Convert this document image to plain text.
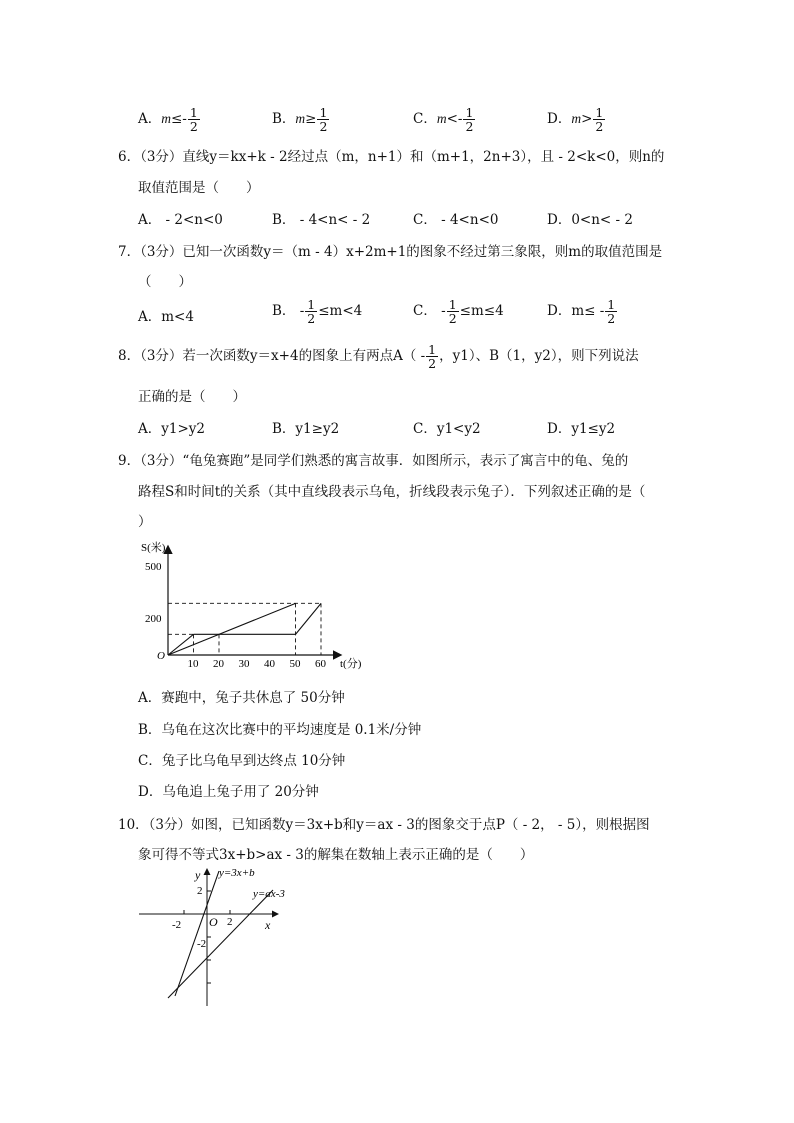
A．$m\le- \frac{1}{2}$	B．$m\ge \frac{1}{2}$	C．$m<- \frac{1}{2}$	D．$m> \frac{1}{2}$
6．（3分）直线y＝kx+k - 2经过点（m，n+1）和（m+1，2n+3），且 - 2<k<0，则n的
取值范围是（　　）
A． - 2<n<0	B． - 4<n< - 2	C． - 4<n<0	D．0<n< - 2
7．（3分）已知一次函数y＝（m - 4）x+2m+1的图象不经过第三象限，则m的取值范围是
（　　）
A．m<4	B． - $\frac{1}{2} \le m<4$	C． - $\frac{1}{2} \le m\le 4$	D．$m\le - \frac{1}{2}$
8．（3分）若一次函数y＝x+4的图象上有两点$A( - \frac{1}{2}$ ，y1）、B（1，y2），则下列说法
正确的是（　　）
A．y1>y2	B．y1≥y2	C．y1<y2	D．y1≤y2
9．（3分）“龟兔赛跑”是同学们熟悉的寓言故事．如图所示，表示了寓言中的龟、兔的
路程S和时间t的关系（其中直线段表示乌龟，折线段表示兔子）．下列叙述正确的是（
）
S(米)
t(分)
O
500
200
10 20 30 40 50 60
A．赛跑中，兔子共休息了 50分钟
B．乌龟在这次比赛中的平均速度是 0.1米/分钟
C．兔子比乌龟早到达终点 10分钟
D．乌龟追上兔子用了 20分钟
10．（3分）如图，已知函数y＝3x+b和y＝ax - 3的图象交于点P（ - 2， - 5），则根据图
象可得不等式3x+b>ax - 3的解集在数轴上表示正确的是（　　）
y
x
y=3x+b
y=ax-3
O
2
-2	2
-2
